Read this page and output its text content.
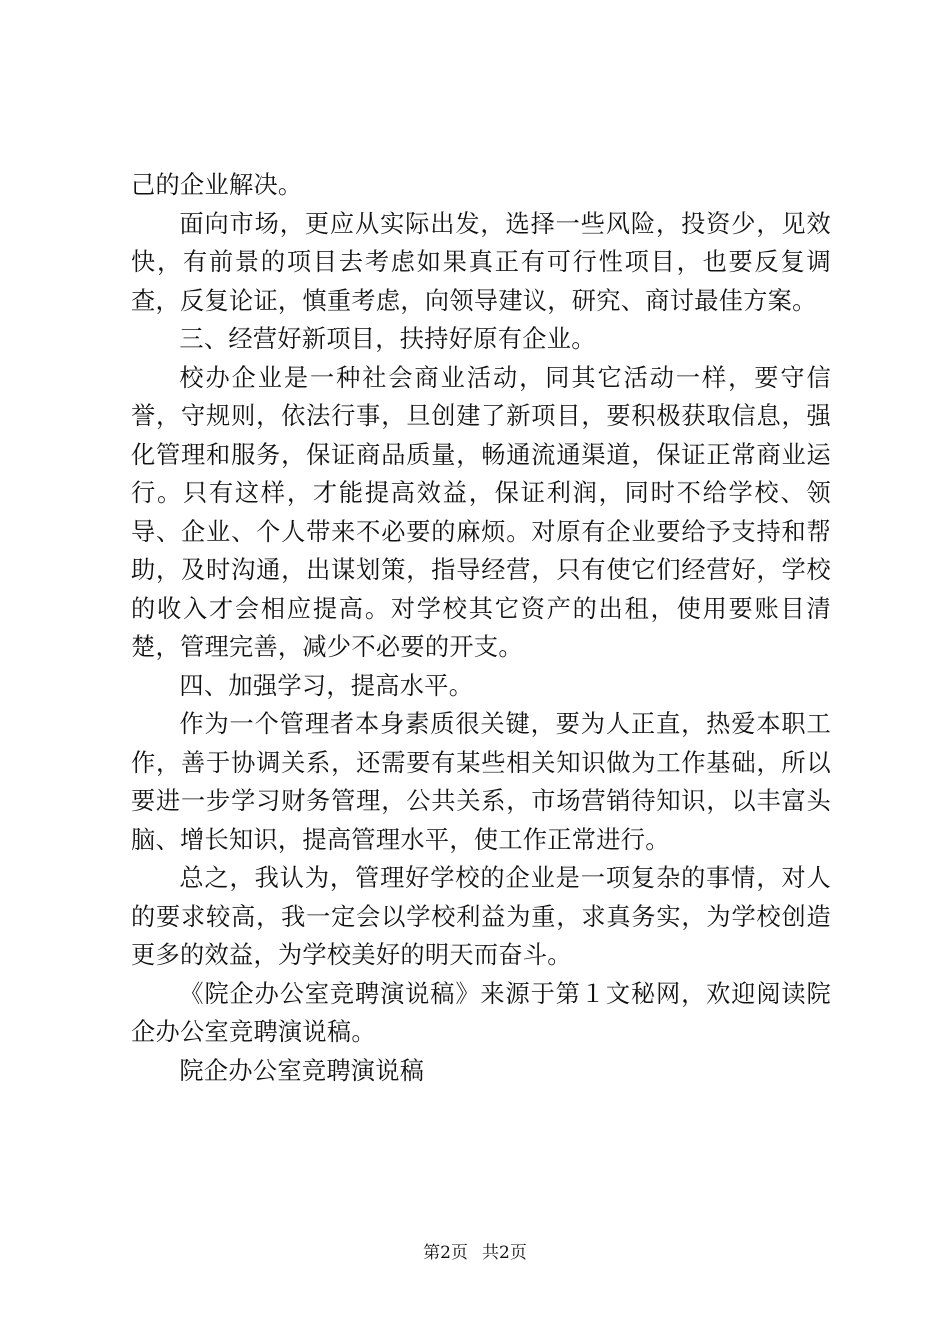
己的企业解决。

面向市场，更应从实际出发，选择一些风险，投资少，见效快，有前景的项目去考虑如果真正有可行性项目，也要反复调查，反复论证，慎重考虑，向领导建议，研究、商讨最佳方案。

三、经营好新项目，扶持好原有企业。

校办企业是一种社会商业活动，同其它活动一样，要守信誉，守规则，依法行事，旦创建了新项目，要积极获取信息，强化管理和服务，保证商品质量，畅通流通渠道，保证正常商业运行。只有这样，才能提高效益，保证利润，同时不给学校、领导、企业、个人带来不必要的麻烦。对原有企业要给予支持和帮助，及时沟通，出谋划策，指导经营，只有使它们经营好，学校的收入才会相应提高。对学校其它资产的出租，使用要账目清楚，管理完善，减少不必要的开支。

四、加强学习，提高水平。

作为一个管理者本身素质很关键，要为人正直，热爱本职工作，善于协调关系，还需要有某些相关知识做为工作基础，所以要进一步学习财务管理，公共关系，市场营销待知识，以丰富头脑、增长知识，提高管理水平，使工作正常进行。

总之，我认为，管理好学校的企业是一项复杂的事情，对人的要求较高，我一定会以学校利益为重，求真务实，为学校创造更多的效益，为学校美好的明天而奋斗。

《院企办公室竞聘演说稿》来源于第１文秘网，欢迎阅读院企办公室竞聘演说稿。

院企办公室竞聘演说稿

第2页 共2页
